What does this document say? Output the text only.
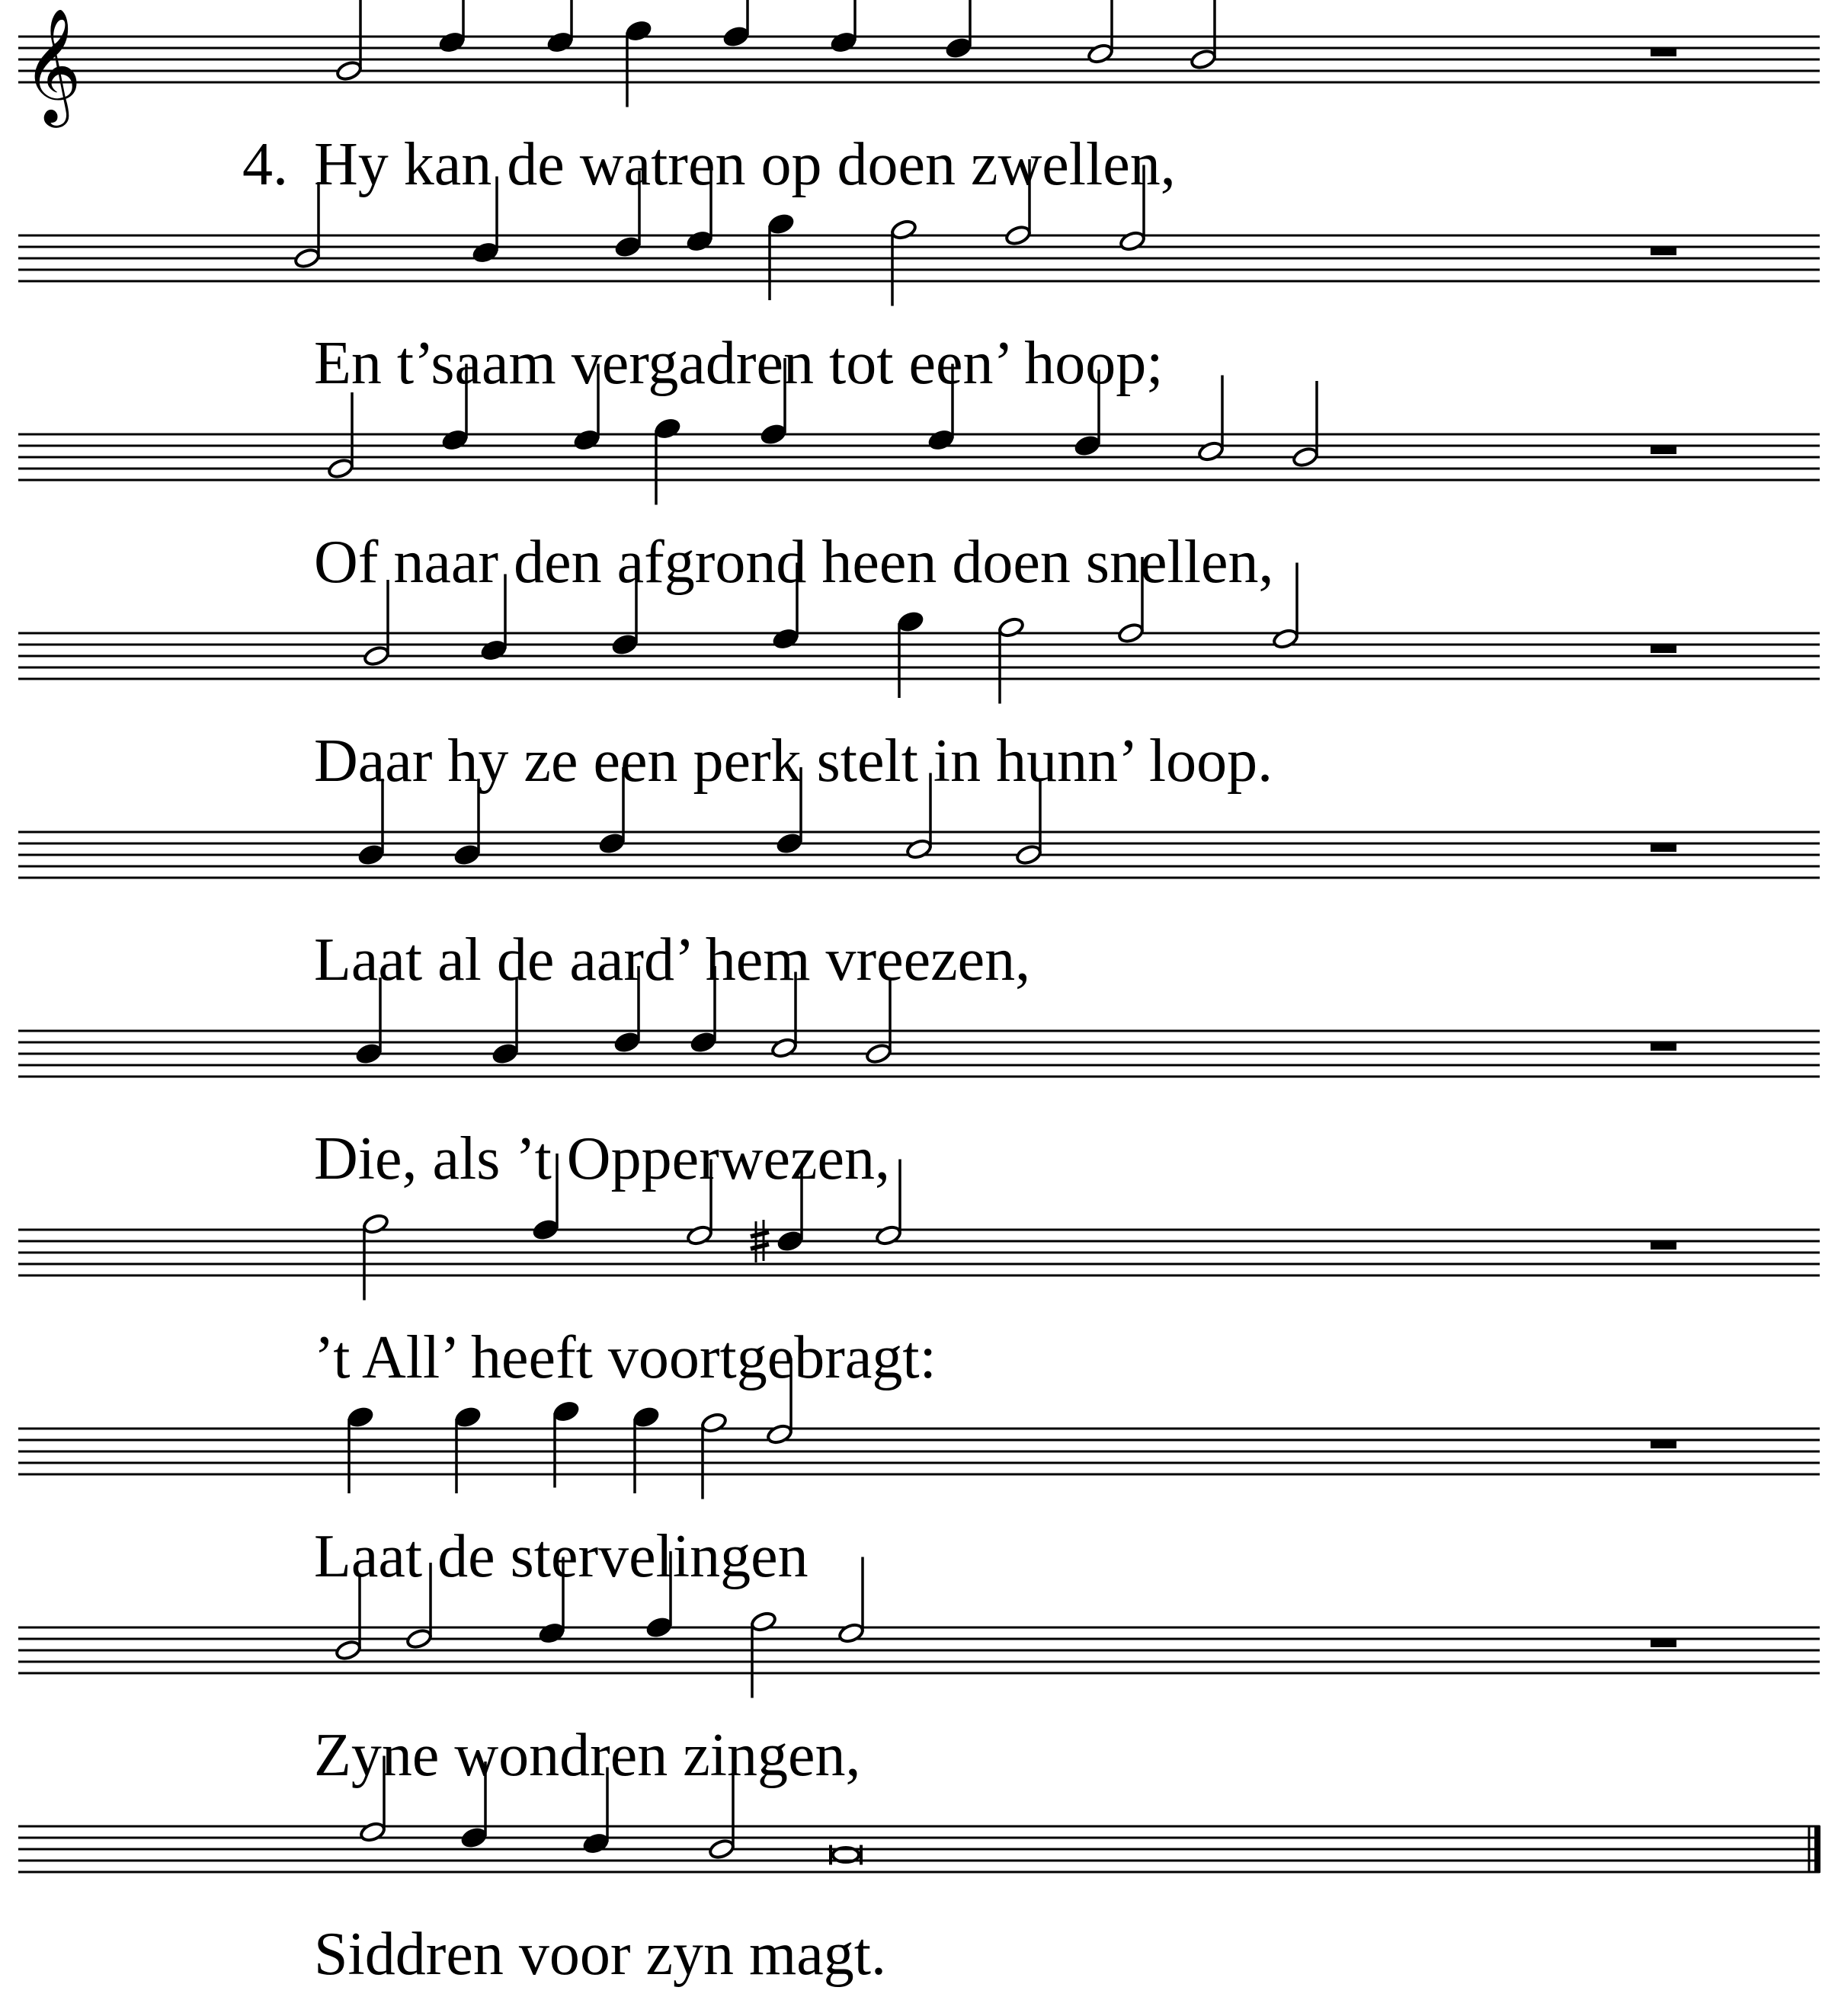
𝄞
Hy kan de watren op doen zwellen,
4.
En t’saam vergadren tot een’ hoop;
Of naar den afgrond heen doen snellen,
Daar hy ze een perk stelt in hunn’ loop.
Laat al de aard’ hem vreezen,
Die, als ’t Opperwezen,
’t All’ heeft voortgebragt:
Laat de stervelingen
Zyne wondren zingen,
Siddren voor zyn magt.
